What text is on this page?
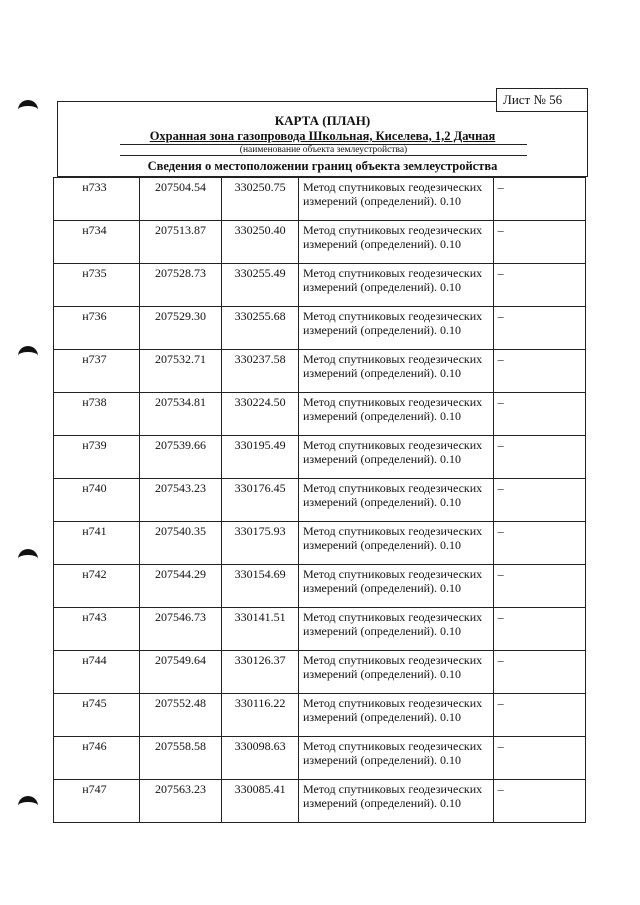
Лист № 56
КАРТА (ПЛАН)
Охранная зона газопровода Школьная, Киселева, 1,2 Дачная
(наименование объекта землеустройства)
Сведения о местоположении границ объекта землеустройства
н733	207504.54	330250.75	Метод спутниковых геодезических измерений (определений). 0.10	–
н734	207513.87	330250.40	Метод спутниковых геодезических измерений (определений). 0.10	–
н735	207528.73	330255.49	Метод спутниковых геодезических измерений (определений). 0.10	–
н736	207529.30	330255.68	Метод спутниковых геодезических измерений (определений). 0.10	–
н737	207532.71	330237.58	Метод спутниковых геодезических измерений (определений). 0.10	–
н738	207534.81	330224.50	Метод спутниковых геодезических измерений (определений). 0.10	–
н739	207539.66	330195.49	Метод спутниковых геодезических измерений (определений). 0.10	–
н740	207543.23	330176.45	Метод спутниковых геодезических измерений (определений). 0.10	–
н741	207540.35	330175.93	Метод спутниковых геодезических измерений (определений). 0.10	–
н742	207544.29	330154.69	Метод спутниковых геодезических измерений (определений). 0.10	–
н743	207546.73	330141.51	Метод спутниковых геодезических измерений (определений). 0.10	–
н744	207549.64	330126.37	Метод спутниковых геодезических измерений (определений). 0.10	–
н745	207552.48	330116.22	Метод спутниковых геодезических измерений (определений). 0.10	–
н746	207558.58	330098.63	Метод спутниковых геодезических измерений (определений). 0.10	–
н747	207563.23	330085.41	Метод спутниковых геодезических измерений (определений). 0.10	–
